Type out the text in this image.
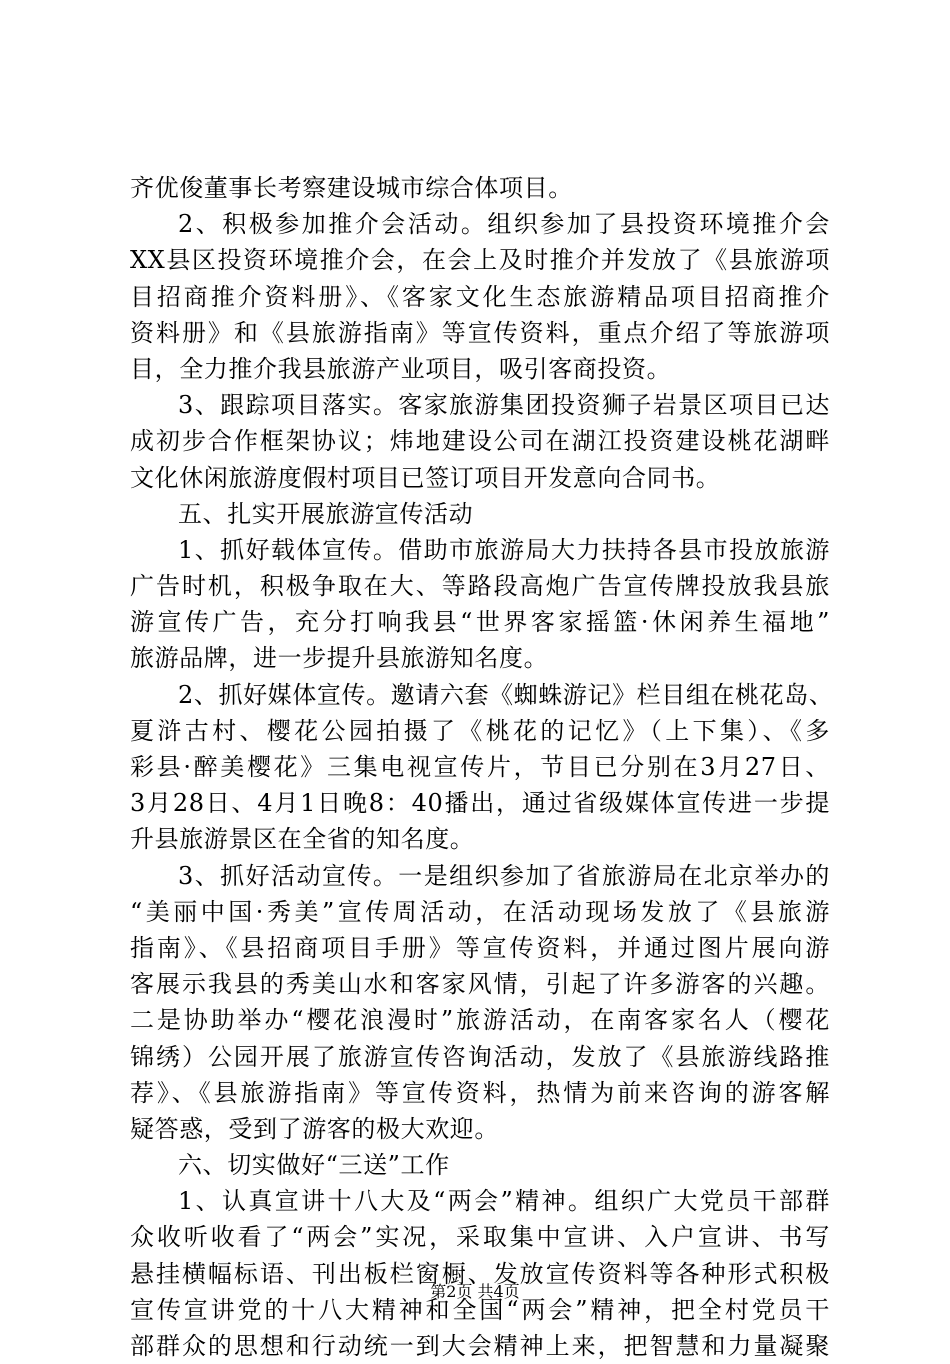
齐优俊董事长考察建设城市综合体项目。
2、积极参加推介会活动。组织参加了县投资环境推介会
XX县区投资环境推介会，在会上及时推介并发放了《县旅游项
目招商推介资料册》、《客家文化生态旅游精品项目招商推介
资料册》和《县旅游指南》等宣传资料，重点介绍了等旅游项
目，全力推介我县旅游产业项目，吸引客商投资。
3、跟踪项目落实。客家旅游集团投资狮子岩景区项目已达
成初步合作框架协议；炜地建设公司在湖江投资建设桃花湖畔
文化休闲旅游度假村项目已签订项目开发意向合同书。
五、扎实开展旅游宣传活动
1、抓好载体宣传。借助市旅游局大力扶持各县市投放旅游
广告时机，积极争取在大、等路段高炮广告宣传牌投放我县旅
游宣传广告，充分打响我县“世界客家摇篮·休闲养生福地”
旅游品牌，进一步提升县旅游知名度。
2、抓好媒体宣传。邀请六套《蜘蛛游记》栏目组在桃花岛、
夏浒古村、樱花公园拍摄了《桃花的记忆》（上下集）、《多
彩县·醉美樱花》三集电视宣传片，节目已分别在3月27日、
3月28日、4月1日晚8：40播出，通过省级媒体宣传进一步提
升县旅游景区在全省的知名度。
3、抓好活动宣传。一是组织参加了省旅游局在北京举办的
“美丽中国·秀美”宣传周活动，在活动现场发放了《县旅游
指南》、《县招商项目手册》等宣传资料，并通过图片展向游
客展示我县的秀美山水和客家风情，引起了许多游客的兴趣。
二是协助举办“樱花浪漫时”旅游活动，在南客家名人（樱花
锦绣）公园开展了旅游宣传咨询活动，发放了《县旅游线路推
荐》、《县旅游指南》等宣传资料，热情为前来咨询的游客解
疑答惑，受到了游客的极大欢迎。
六、切实做好“三送”工作
1、认真宣讲十八大及“两会”精神。组织广大党员干部群
众收听收看了“两会”实况，采取集中宣讲、入户宣讲、书写
悬挂横幅标语、刊出板栏窗橱、发放宣传资料等各种形式积极
宣传宣讲党的十八大精神和全国“两会”精神，把全村党员干
部群众的思想和行动统一到大会精神上来，把智慧和力量凝聚
第2页 共4页
